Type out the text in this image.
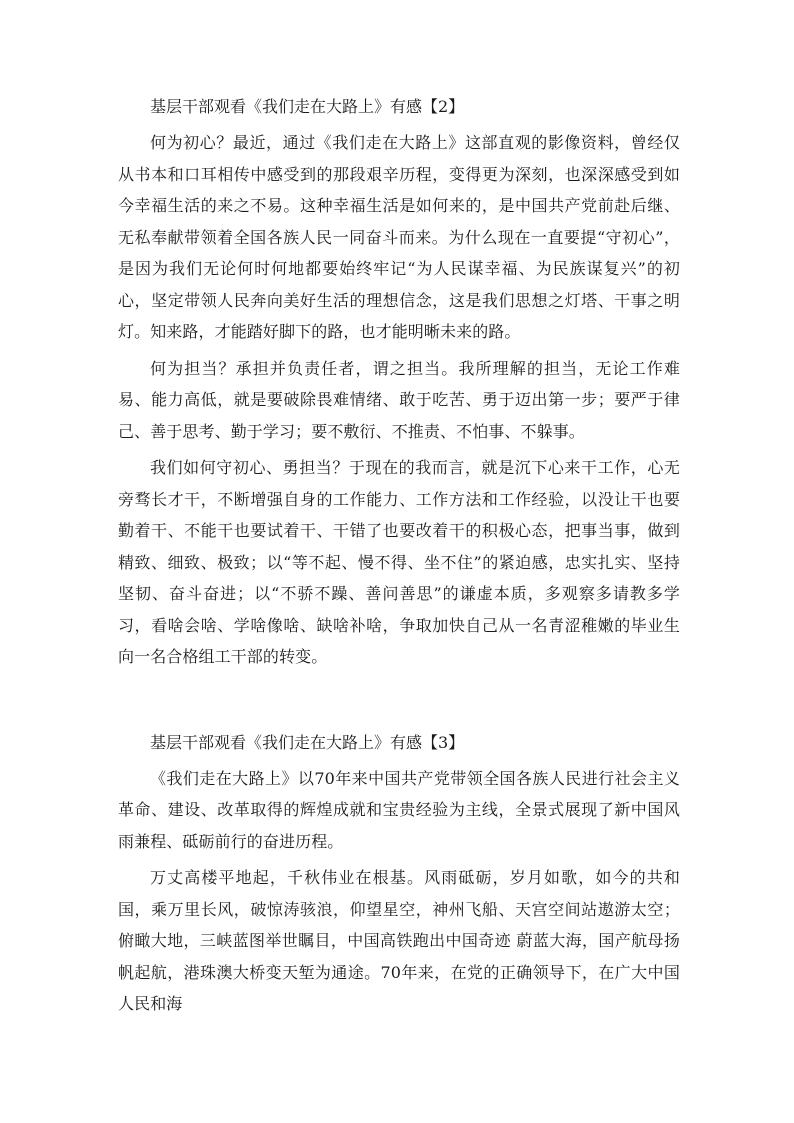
基层干部观看《我们走在大路上》有感【2】

何为初心？最近，通过《我们走在大路上》这部直观的影像资料，曾经仅从书本和口耳相传中感受到的那段艰辛历程，变得更为深刻，也深深感受到如今幸福生活的来之不易。这种幸福生活是如何来的，是中国共产党前赴后继、无私奉献带领着全国各族人民一同奋斗而来。为什么现在一直要提“守初心”，是因为我们无论何时何地都要始终牢记“为人民谋幸福、为民族谋复兴”的初心，坚定带领人民奔向美好生活的理想信念，这是我们思想之灯塔、干事之明灯。知来路，才能踏好脚下的路，也才能明晰未来的路。

何为担当？承担并负责任者，谓之担当。我所理解的担当，无论工作难易、能力高低，就是要破除畏难情绪、敢于吃苦、勇于迈出第一步；要严于律己、善于思考、勤于学习；要不敷衍、不推责、不怕事、不躲事。

我们如何守初心、勇担当？于现在的我而言，就是沉下心来干工作，心无旁骛长才干，不断增强自身的工作能力、工作方法和工作经验，以没让干也要勤着干、不能干也要试着干、干错了也要改着干的积极心态，把事当事，做到精致、细致、极致；以“等不起、慢不得、坐不住”的紧迫感，忠实扎实、坚持坚韧、奋斗奋进；以“不骄不躁、善问善思”的谦虚本质，多观察多请教多学习，看啥会啥、学啥像啥、缺啥补啥，争取加快自己从一名青涩稚嫩的毕业生向一名合格组工干部的转变。

基层干部观看《我们走在大路上》有感【3】

《我们走在大路上》以70年来中国共产党带领全国各族人民进行社会主义革命、建设、改革取得的辉煌成就和宝贵经验为主线，全景式展现了新中国风雨兼程、砥砺前行的奋进历程。

万丈高楼平地起，千秋伟业在根基。风雨砥砺，岁月如歌，如今的共和国，乘万里长风，破惊涛骇浪，仰望星空，神州飞船、天宫空间站遨游太空；俯瞰大地，三峡蓝图举世瞩目，中国高铁跑出中国奇迹 蔚蓝大海，国产航母扬帆起航，港珠澳大桥变天堑为通途。70年来，在党的正确领导下，在广大中国人民和海
